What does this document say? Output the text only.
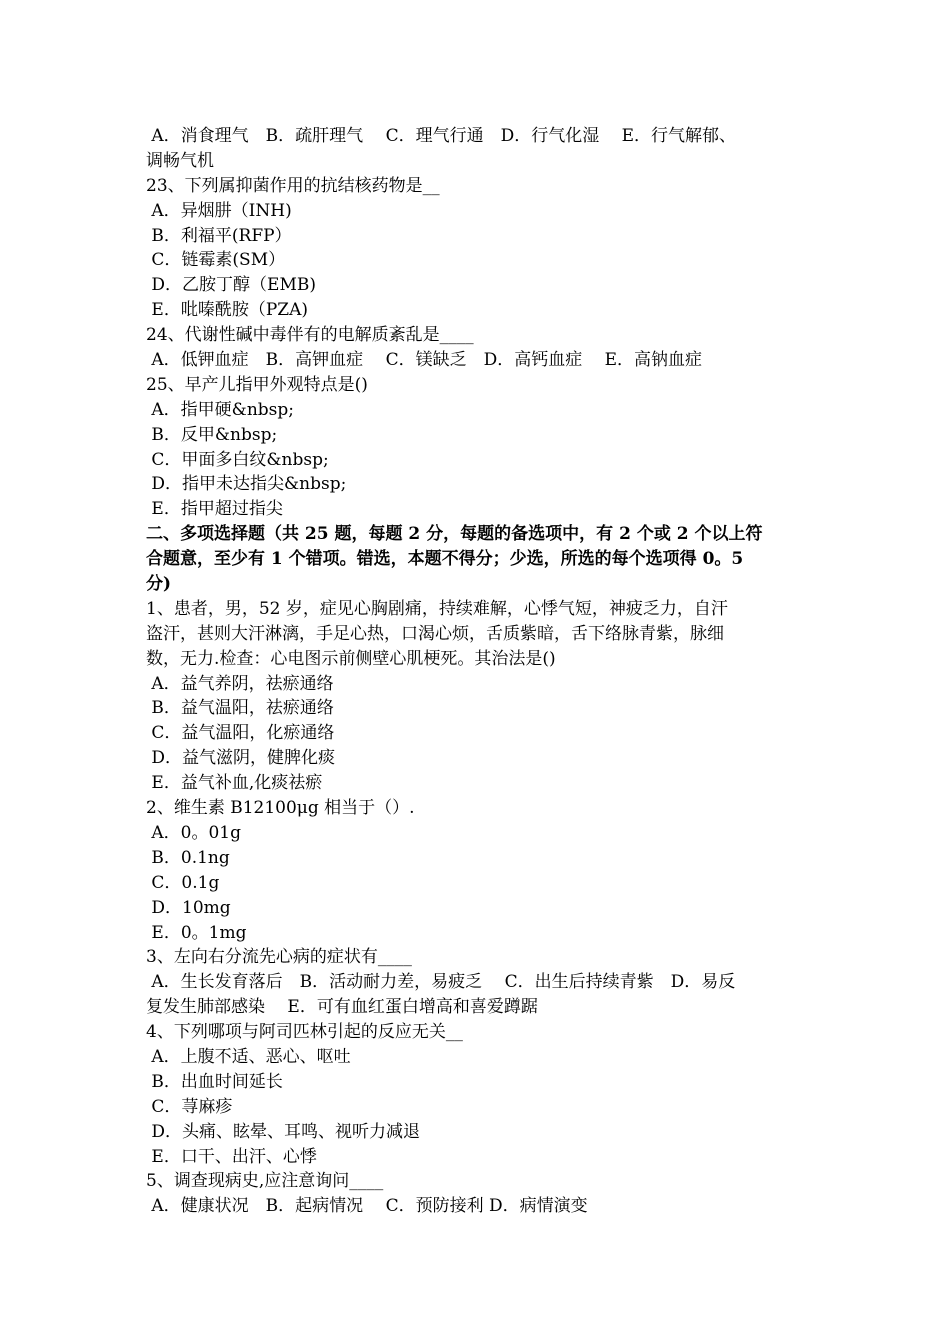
A．消食理气　B．疏肝理气　 C．理气行通　D．行气化湿　 E．行气解郁、
调畅气机
23、下列属抑菌作用的抗结核药物是__
A．异烟肼（INH)
B．利福平(RFP）
C．链霉素(SM）
D．乙胺丁醇（EMB)
E．吡嗪酰胺（PZA)
24、代谢性碱中毒伴有的电解质紊乱是____
A．低钾血症　B．高钾血症　 C．镁缺乏　D．高钙血症　 E．高钠血症
25、早产儿指甲外观特点是()
A．指甲硬&nbsp;
B．反甲&nbsp;
C．甲面多白纹&nbsp;
D．指甲未达指尖&nbsp;
E．指甲超过指尖
二、多项选择题（共 25 题，每题 2 分，每题的备选项中，有 2 个或 2 个以上符
合题意，至少有 1 个错项。错选，本题不得分；少选，所选的每个选项得 0。5
分)
1、患者，男，52 岁，症见心胸剧痛，持续难解，心悸气短，神疲乏力，自汗
盗汗，甚则大汗淋漓，手足心热，口渴心烦，舌质紫暗，舌下络脉青紫，脉细
数，无力.检查：心电图示前侧壁心肌梗死。其治法是()
A．益气养阴，祛瘀通络
B．益气温阳，祛瘀通络
C．益气温阳，化瘀通络
D．益气滋阴，健脾化痰
E．益气补血,化痰祛瘀
2、维生素 B12100μg 相当于（）.
A．0。01g
B．0.1ng
C．0.1g
D．10mg
E．0。1mg
3、左向右分流先心病的症状有____
A．生长发育落后　B．活动耐力差，易疲乏　 C．出生后持续青紫　D．易反
复发生肺部感染　 E．可有血红蛋白增高和喜爱蹲踞
4、下列哪项与阿司匹林引起的反应无关__
A．上腹不适、恶心、呕吐
B．出血时间延长
C．荨麻疹
D．头痛、眩晕、耳鸣、视听力减退
E．口干、出汗、心悸
5、调查现病史,应注意询问____
A．健康状况　B．起病情况　 C．预防接利 D．病情演变
